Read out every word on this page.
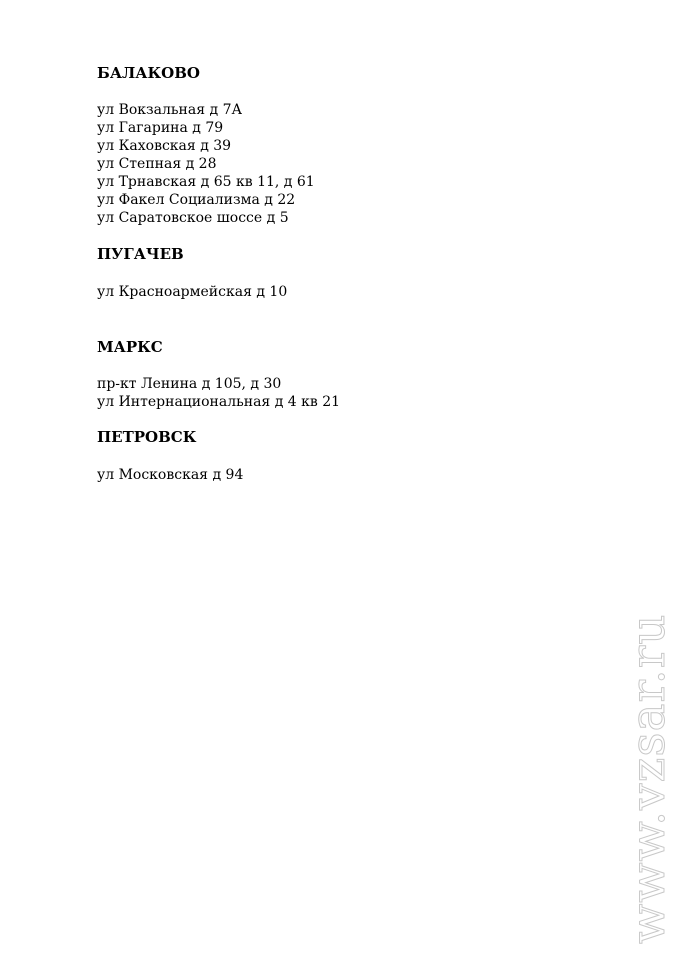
БАЛАКОВО
ул Вокзальная д 7А
ул Гагарина д 79
ул Каховская д 39
ул Степная д 28
ул Трнавская д 65 кв 11, д 61
ул Факел Социализма д 22
ул Саратовское шоссе д 5
ПУГАЧЕВ
ул Красноармейская д 10
МАРКС
пр-кт Ленина д 105, д 30
ул Интернациональная д 4 кв 21
ПЕТРОВСК
ул Московская д 94
www.vzsar.ru
